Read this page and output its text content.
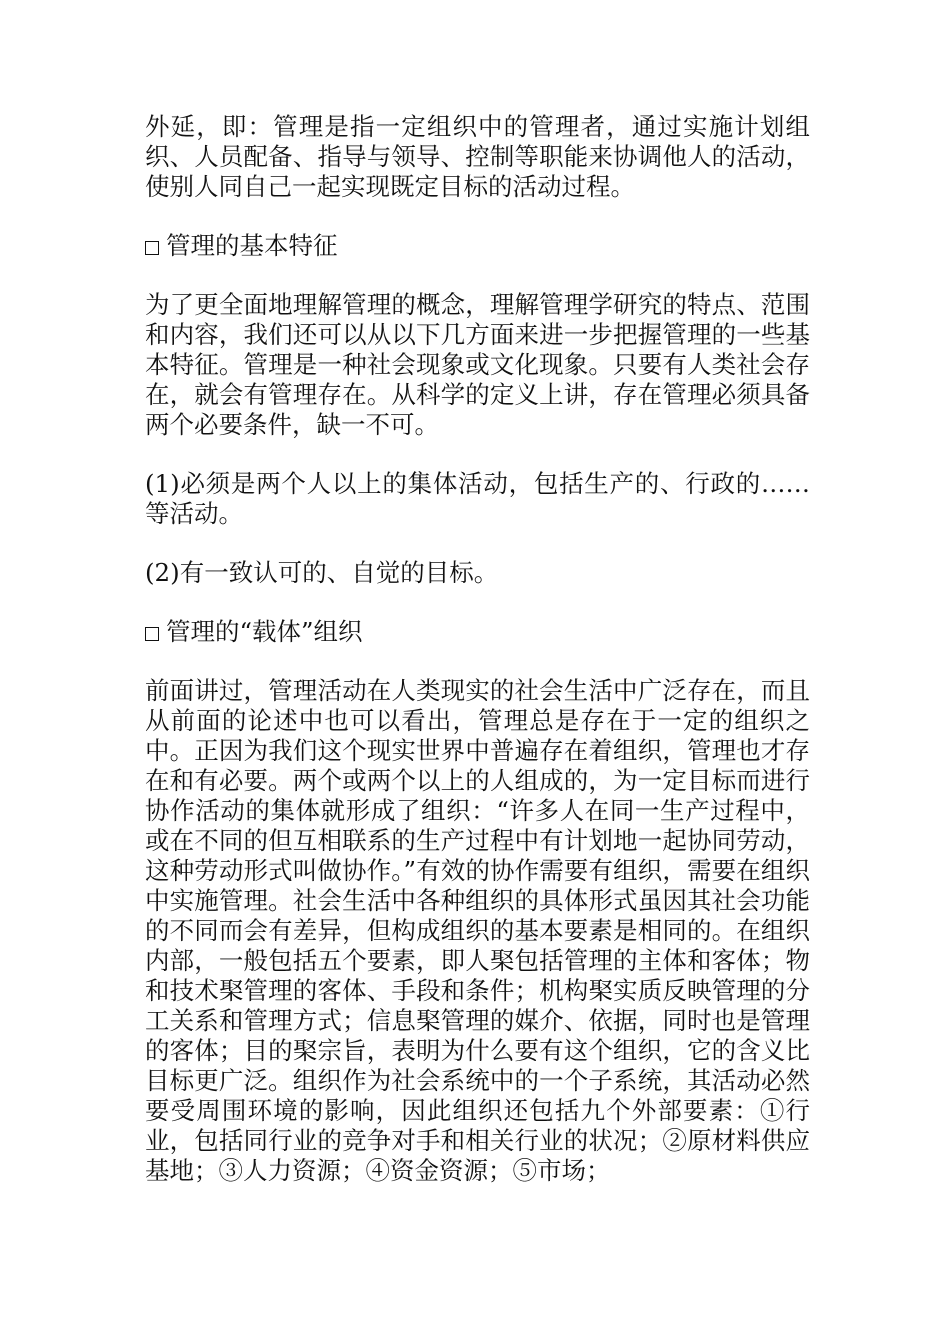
外延，即：管理是指一定组织中的管理者，通过实施计划组织、人员配备、指导与领导、控制等职能来协调他人的活动，使别人同自己一起实现既定目标的活动过程。

管理的基本特征

为了更全面地理解管理的概念，理解管理学研究的特点、范围和内容，我们还可以从以下几方面来进一步把握管理的一些基本特征。管理是一种社会现象或文化现象。只要有人类社会存在，就会有管理存在。从科学的定义上讲，存在管理必须具备两个必要条件，缺一不可。

(1)必须是两个人以上的集体活动，包括生产的、行政的……等活动。

(2)有一致认可的、自觉的目标。

管理的“载体”组织

前面讲过，管理活动在人类现实的社会生活中广泛存在，而且从前面的论述中也可以看出，管理总是存在于一定的组织之中。正因为我们这个现实世界中普遍存在着组织，管理也才存在和有必要。两个或两个以上的人组成的，为一定目标而进行协作活动的集体就形成了组织：“许多人在同一生产过程中，或在不同的但互相联系的生产过程中有计划地一起协同劳动，这种劳动形式叫做协作。”有效的协作需要有组织，需要在组织中实施管理。社会生活中各种组织的具体形式虽因其社会功能的不同而会有差异，但构成组织的基本要素是相同的。在组织内部，一般包括五个要素，即人棸包括管理的主体和客体；物和技术棸管理的客体、手段和条件；机构棸实质反映管理的分工关系和管理方式；信息棸管理的媒介、依据，同时也是管理的客体；目的棸宗旨，表明为什么要有这个组织，它的含义比目标更广泛。组织作为社会系统中的一个子系统，其活动必然要受周围环境的影响，因此组织还包括九个外部要素：①行业，包括同行业的竞争对手和相关行业的状况；②原材料供应基地；③人力资源；④资金资源；⑤市场；
